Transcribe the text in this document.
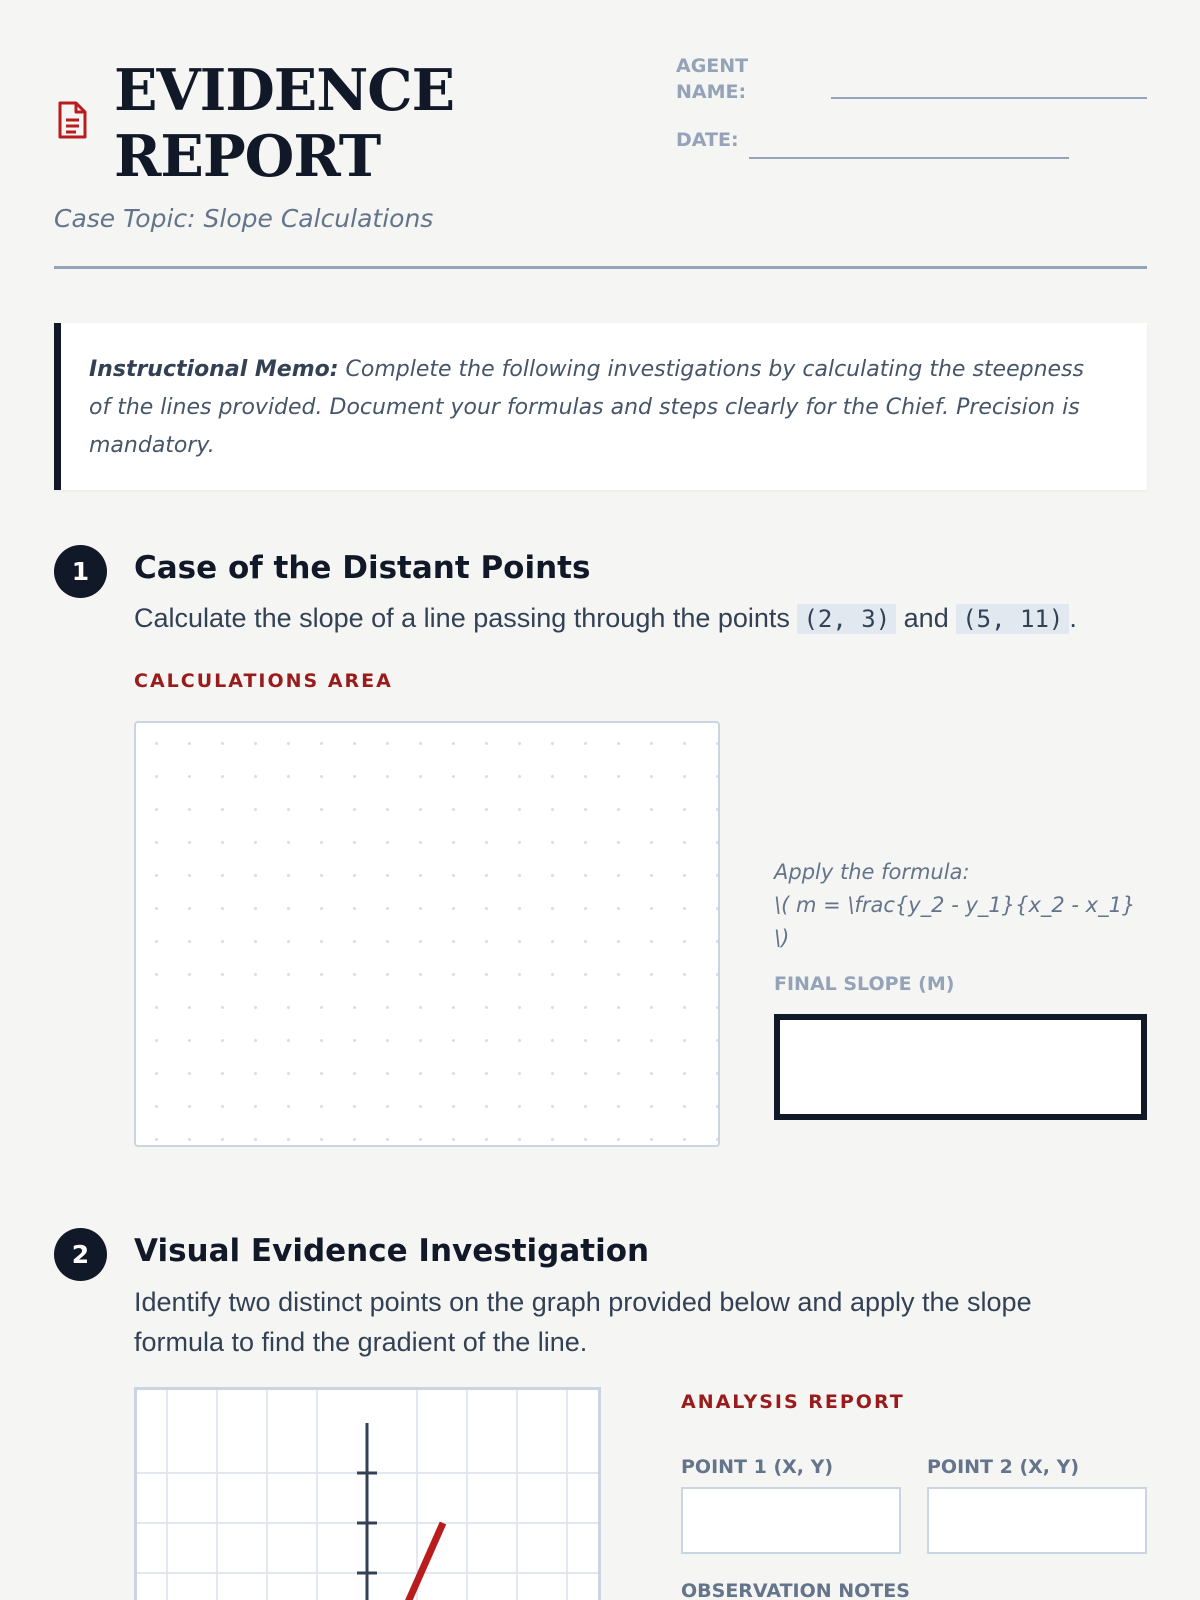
EVIDENCE
REPORT
Case Topic: Slope Calculations
AGENT NAME:
DATE:
Instructional Memo: Complete the following investigations by calculating the steepness of the lines provided. Document your formulas and steps clearly for the Chief. Precision is mandatory.
1	Case of the Distant Points
Calculate the slope of a line passing through the points (2, 3) and (5, 11) .
CALCULATIONS AREA
Apply the formula:
\( m = \frac{y_2 - y_1}{x_2 - x_1} \)
FINAL SLOPE (M)
2	Visual Evidence Investigation
Identify two distinct points on the graph provided below and apply the slope formula to find the gradient of the line.
ANALYSIS REPORT
POINT 1 (X, Y)	POINT 2 (X, Y)
OBSERVATION NOTES
